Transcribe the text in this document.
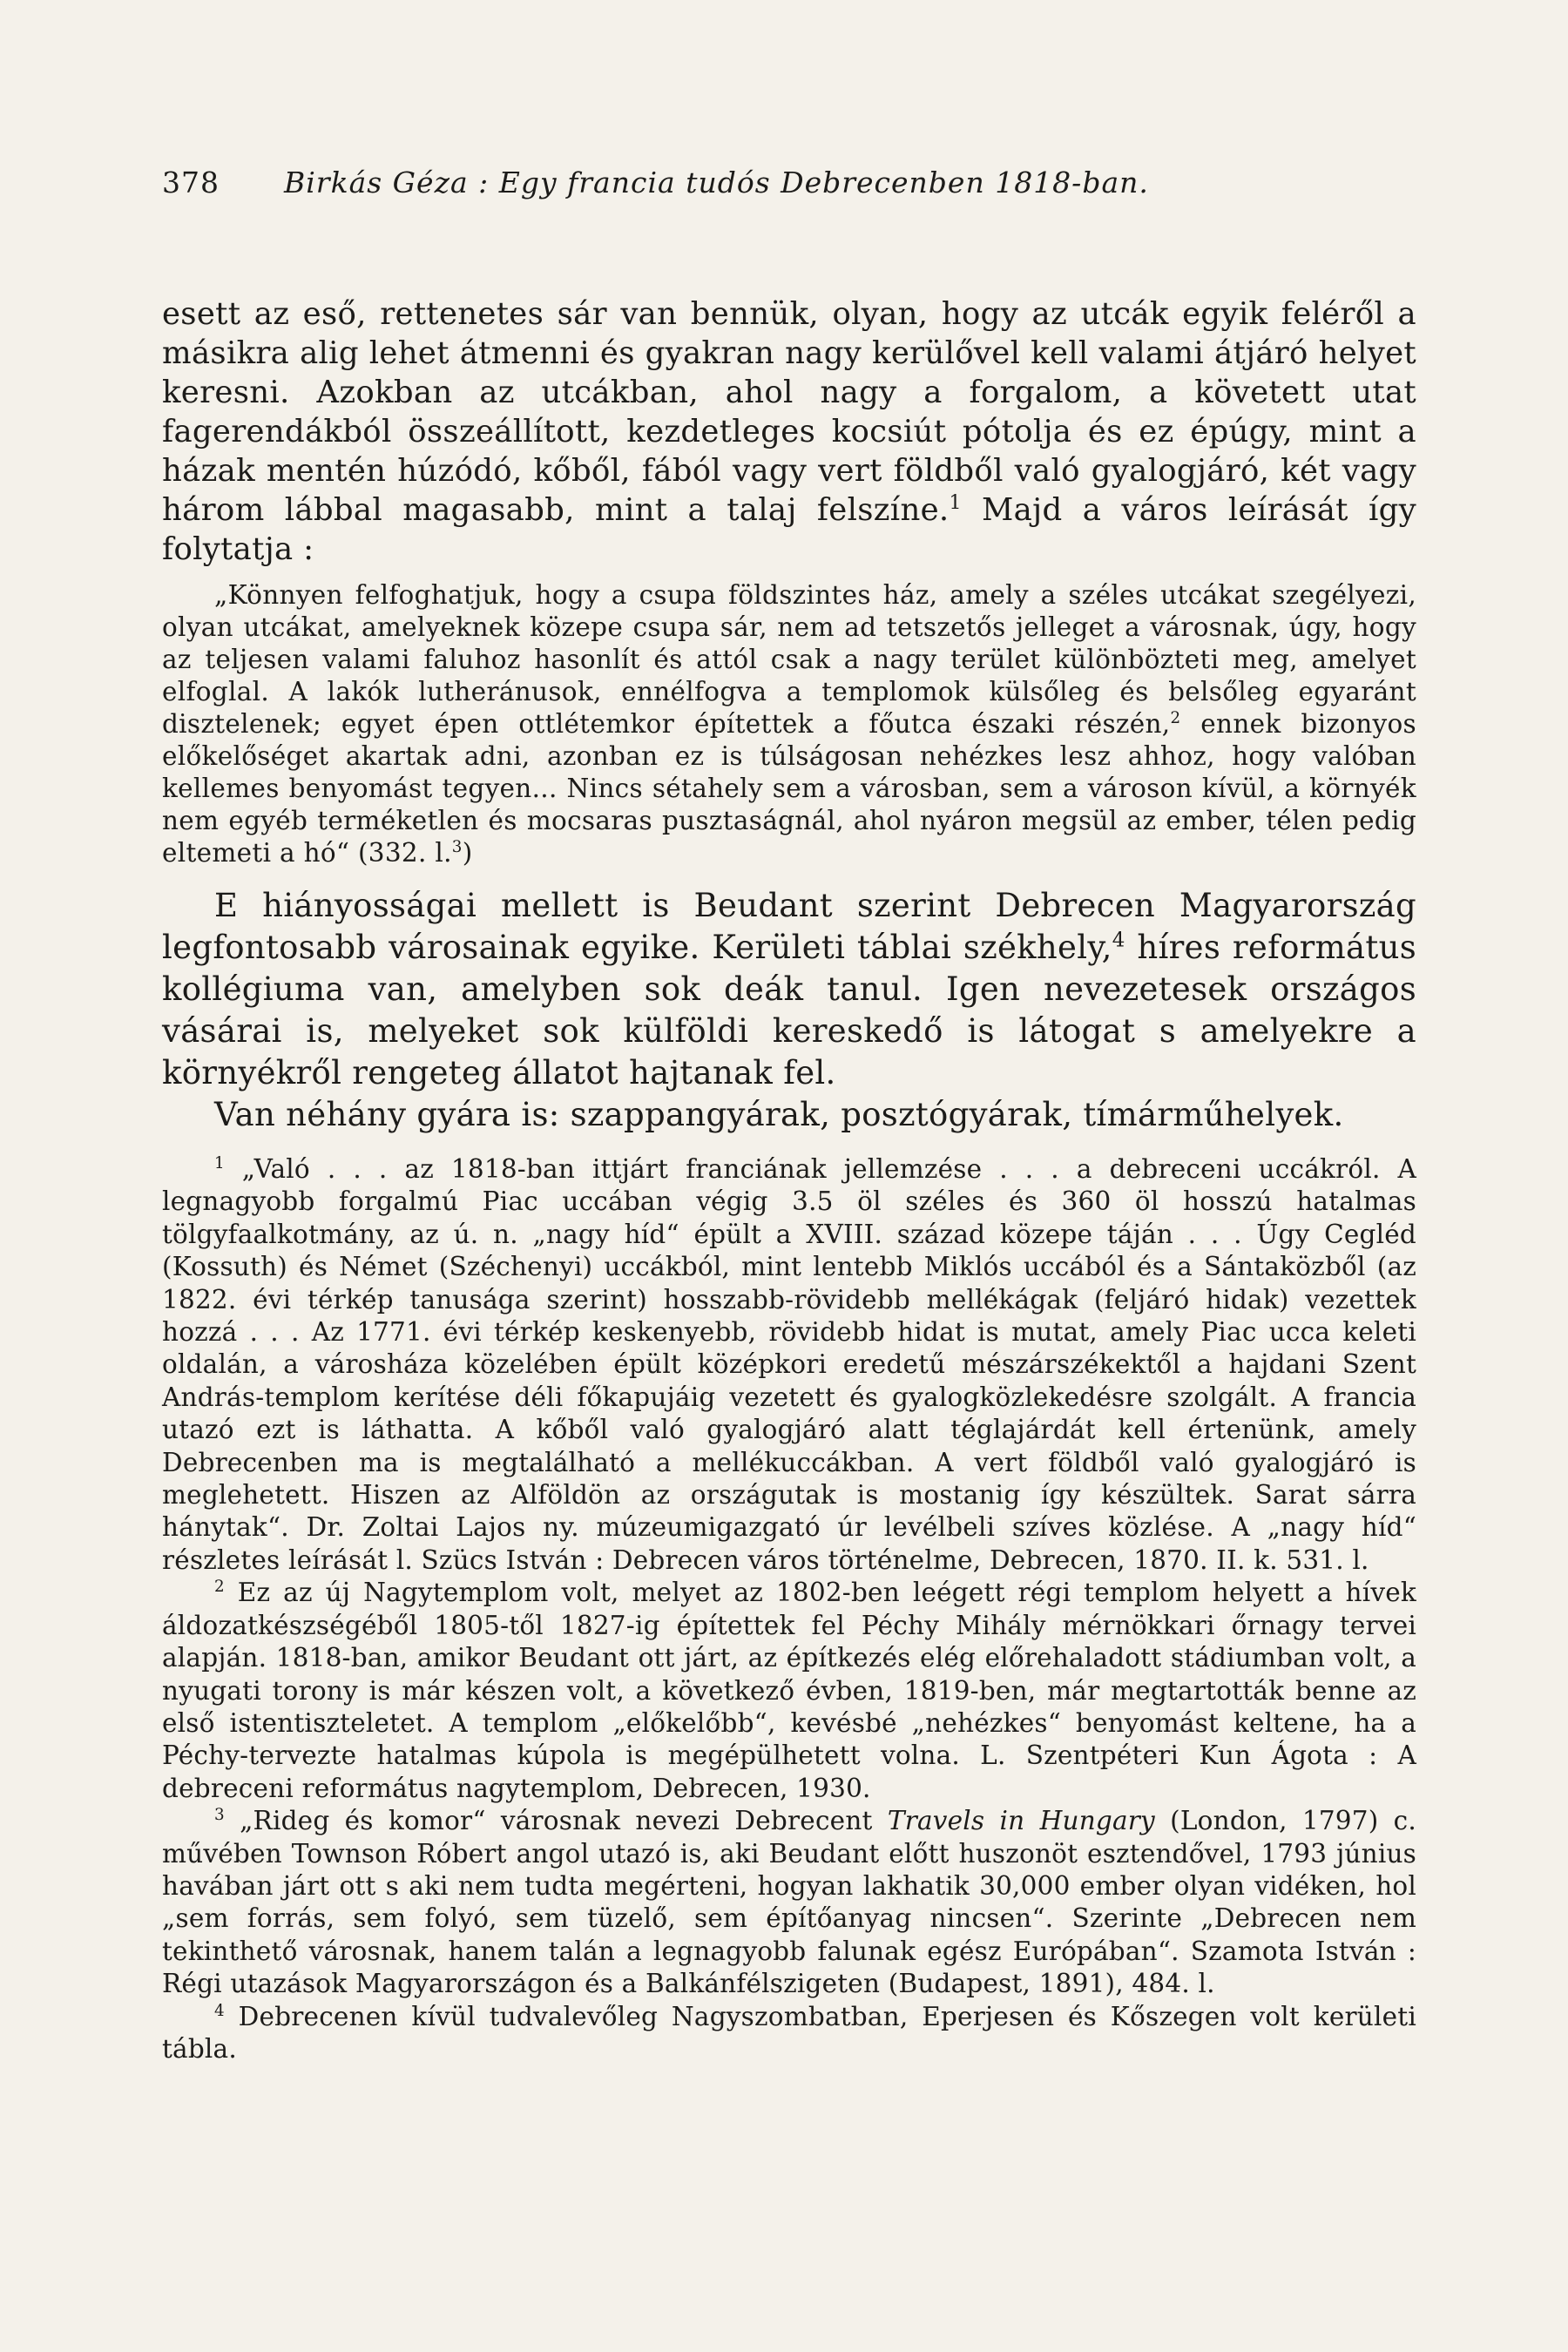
378	Birkás Géza : Egy francia tudós Debrecenben 1818-ban.

esett az eső, rettenetes sár van bennük, olyan, hogy az utcák egyik feléről a másikra alig lehet átmenni és gyakran nagy kerülővel kell valami átjáró helyet keresni. Azokban az utcákban, ahol nagy a forgalom, a követett utat fagerendákból összeállított, kezdetleges kocsiút pótolja és ez épúgy, mint a házak mentén húzódó, kőből, fából vagy vert földből való gyalogjáró, két vagy három lábbal magasabb, mint a talaj felszíne.$^1$ Majd a város leírását így folytatja :

„Könnyen felfoghatjuk, hogy a csupa földszintes ház, amely a széles utcákat szegélyezi, olyan utcákat, amelyeknek közepe csupa sár, nem ad tetszetős jelleget a városnak, úgy, hogy az teljesen valami faluhoz hasonlít és attól csak a nagy terület különbözteti meg, amelyet elfoglal. A lakók lutheránusok, ennélfogva a templomok külsőleg és belsőleg egyaránt disztelenek; egyet épen ottlétemkor építettek a főutca északi részén,$^2$ ennek bizonyos előkelőséget akartak adni, azonban ez is túlságosan nehézkes lesz ahhoz, hogy valóban kellemes benyomást tegyen... Nincs sétahely sem a városban, sem a városon kívül, a környék nem egyéb terméketlen és mocsaras pusztaságnál, ahol nyáron megsül az ember, télen pedig eltemeti a hó“ (332. l.$^3$)

E hiányosságai mellett is Beudant szerint Debrecen Magyarország legfontosabb városainak egyike. Kerületi táblai székhely,$^4$ híres református kollégiuma van, amelyben sok deák tanul. Igen nevezetesek országos vásárai is, melyeket sok külföldi kereskedő is látogat s amelyekre a környékről rengeteg állatot hajtanak fel.

Van néhány gyára is: szappangyárak, posztógyárak, tímárműhelyek.

$^1$ „Való . . . az 1818-ban ittjárt franciának jellemzése . . . a debreceni uccákról. A legnagyobb forgalmú Piac uccában végig 3.5 öl széles és 360 öl hosszú hatalmas tölgyfaalkotmány, az ú. n. „nagy híd“ épült a XVIII. század közepe táján . . . Úgy Cegléd (Kossuth) és Német (Széchenyi) uccákból, mint lentebb Miklós uccából és a Sántaközből (az 1822. évi térkép tanusága szerint) hosszabb-rövidebb mellékágak (feljáró hidak) vezettek hozzá . . . Az 1771. évi térkép keskenyebb, rövidebb hidat is mutat, amely Piac ucca keleti oldalán, a városháza közelében épült középkori eredetű mészárszékektől a hajdani Szent András-templom kerítése déli főkapujáig vezetett és gyalogközlekedésre szolgált. A francia utazó ezt is láthatta. A kőből való gyalogjáró alatt téglajárdát kell értenünk, amely Debrecenben ma is megtalálható a mellékuccákban. A vert földből való gyalogjáró is meglehetett. Hiszen az Alföldön az országutak is mostanig így készültek. Sarat sárra hánytak“. Dr. Zoltai Lajos ny. múzeumigazgató úr levélbeli szíves közlése. A „nagy híd“ részletes leírását l. Szücs István : Debrecen város történelme, Debrecen, 1870. II. k. 531. l.

$^2$ Ez az új Nagytemplom volt, melyet az 1802-ben leégett régi templom helyett a hívek áldozatkészségéből 1805-től 1827-ig építettek fel Péchy Mihály mérnökkari őrnagy tervei alapján. 1818-ban, amikor Beudant ott járt, az építkezés elég előrehaladott stádiumban volt, a nyugati torony is már készen volt, a következő évben, 1819-ben, már megtartották benne az első istentiszteletet. A templom „előkelőbb“, kevésbé „nehézkes“ benyomást keltene, ha a Péchy-tervezte hatalmas kúpola is megépülhetett volna. L. Szentpéteri Kun Ágota : A debreceni református nagytemplom, Debrecen, 1930.

$^3$ „Rideg és komor“ városnak nevezi Debrecent Travels in Hungary (London, 1797) c. művében Townson Róbert angol utazó is, aki Beudant előtt huszonöt esztendővel, 1793 június havában járt ott s aki nem tudta megérteni, hogyan lakhatik 30,000 ember olyan vidéken, hol „sem forrás, sem folyó, sem tüzelő, sem építőanyag nincsen“. Szerinte „Debrecen nem tekinthető városnak, hanem talán a legnagyobb falunak egész Európában“. Szamota István : Régi utazások Magyarországon és a Balkánfélszigeten (Budapest, 1891), 484. l.

$^4$ Debrecenen kívül tudvalevőleg Nagyszombatban, Eperjesen és Kőszegen volt kerületi tábla.
